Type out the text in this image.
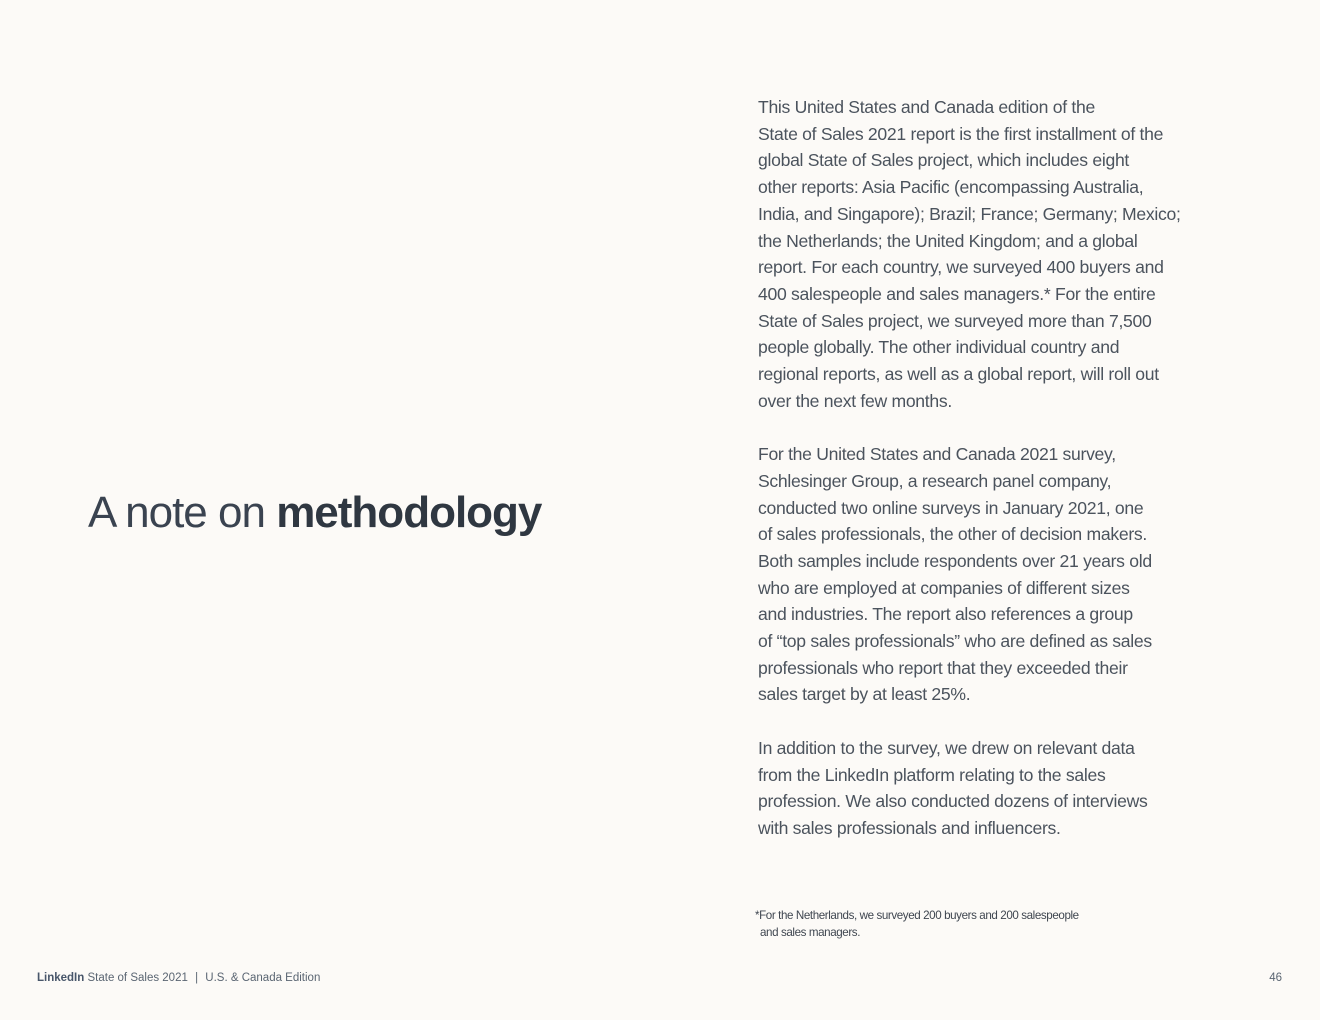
A note on methodology

This United States and Canada edition of the
State of Sales 2021 report is the first installment of the
global State of Sales project, which includes eight
other reports: Asia Pacific (encompassing Australia,
India, and Singapore); Brazil; France; Germany; Mexico;
the Netherlands; the United Kingdom; and a global
report. For each country, we surveyed 400 buyers and
400 salespeople and sales managers.* For the entire
State of Sales project, we surveyed more than 7,500
people globally. The other individual country and
regional reports, as well as a global report, will roll out
over the next few months.

For the United States and Canada 2021 survey,
Schlesinger Group, a research panel company,
conducted two online surveys in January 2021, one
of sales professionals, the other of decision makers.
Both samples include respondents over 21 years old
who are employed at companies of different sizes
and industries. The report also references a group
of “top sales professionals” who are defined as sales
professionals who report that they exceeded their
sales target by at least 25%.

In addition to the survey, we drew on relevant data
from the LinkedIn platform relating to the sales
profession. We also conducted dozens of interviews
with sales professionals and influencers.

*For the Netherlands, we surveyed 200 buyers and 200 salespeople
and sales managers.
LinkedIn State of Sales 2021 | U.S. & Canada Edition	46
